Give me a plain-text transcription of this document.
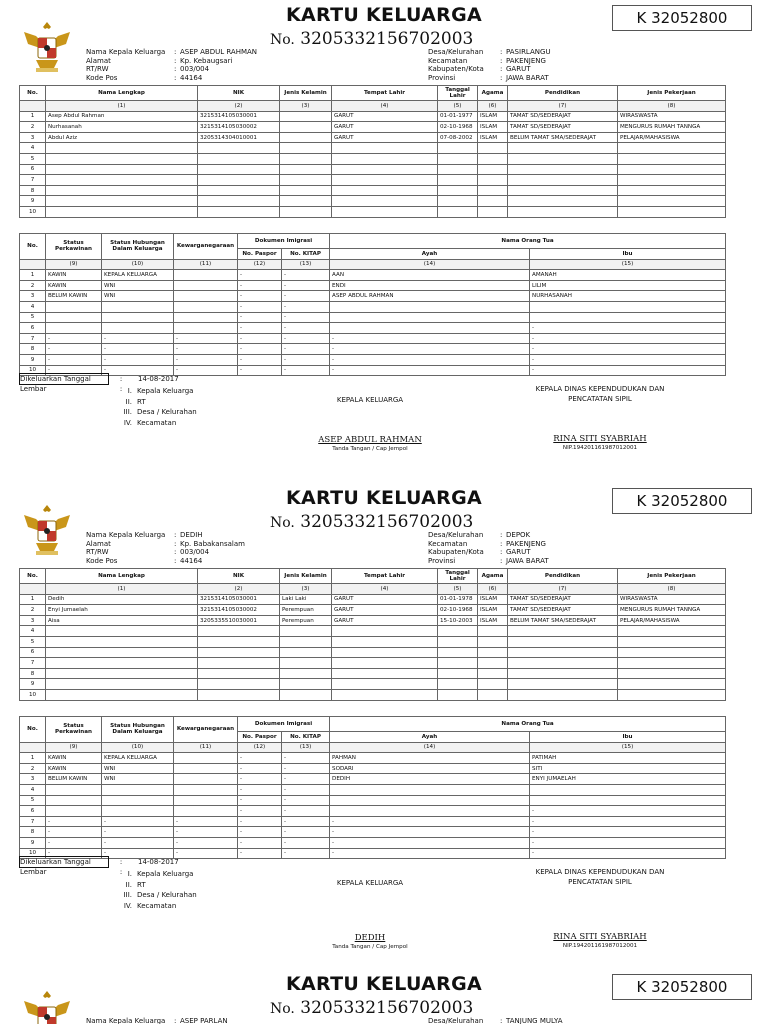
KARTU KELUARGA
No. 3205332156702003
K 32052800
Nama Kepala Keluarga	: ASEP ABDUL RAHMAN
Alamat	: Kp. Kebaugsari
RT/RW	: 003/004
Kode Pos	: 44164
Desa/Kelurahan	: PASIRLANGU
Kecamatan	: PAKENJENG
Kabupaten/Kota	: GARUT
Provinsi	: JAWA BARAT
No.	Nama Lengkap	NIK	Jenis Kelamin	Tempat Lahir	Tanggal Lahir	Agama	Pendidikan	Jenis Pekerjaan
	(1)	(2)	(3)	(4)	(5)	(6)	(7)	(8)
1	Asep Abdul Rahman	3215314105030001		GARUT	01-01-1977	ISLAM	TAMAT SD/SEDERAJAT	WIRASWASTA
2	Nurhasanah	3215314105030002		GARUT	02-10-1968	ISLAM	TAMAT SD/SEDERAJAT	MENGURUS RUMAH TANNGA
3	Abdul Aziz	3205314304010001		GARUT	07-08-2002	ISLAM	BELUM TAMAT SMA/SEDERAJAT	PELAJAR/MAHASISWA
4								
5								
6								
7								
8								
9								
10								
No.	Status Perkawinan	Status Hubungan Dalam Keluarga	Kewarganegaraan	Dokumen Imigrasi		Nama Orang Tua	
				No. Paspor	No. KITAP	Ayah	Ibu
	(9)	(10)	(11)	(12)	(13)	(14)	(15)
1	KAWIN	KEPALA KELUARGA		-	-	AAN	AMANAH
2	KAWIN	WNI		-	-	ENDI	LILIM
3	BELUM KAWIN	WNI		-	-	ASEP ABDUL RAHMAN	NURHASANAH
4				-	-		
5				-	-		
6				-	-		-
7	-	-	-	-	-	-	-
8	-	-	-	-	-	-	-
9	-	-	-	-	-	-	-
10	-	-	-	-	-	-	-
Dikeluarkan Tanggal	:	14-08-2017
Lembar	: I. Kepala Keluarga
II. RT
III. Desa / Kelurahan
IV. Kecamatan
KEPALA KELUARGA
ASEP ABDUL RAHMAN
Tanda Tangan / Cap Jempol
KEPALA DINAS KEPENDUDUKAN DAN
PENCATATAN SIPIL
RINA SITI SYABRIAH
NIP.194201161987012001
KARTU KELUARGA
No. 3205332156702003
K 32052800
Nama Kepala Keluarga	: DEDIH
Alamat	: Kp. Babakansalam
RT/RW	: 003/004
Kode Pos	: 44164
Desa/Kelurahan	: DEPOK
Kecamatan	: PAKENJENG
Kabupaten/Kota	: GARUT
Provinsi	: JAWA BARAT
No.	Nama Lengkap	NIK	Jenis Kelamin	Tempat Lahir	Tanggal Lahir	Agama	Pendidikan	Jenis Pekerjaan
	(1)	(2)	(3)	(4)	(5)	(6)	(7)	(8)
1	Dedih	3215314105030001	Laki Laki	GARUT	01-01-1978	ISLAM	TAMAT SD/SEDERAJAT	WIRASWASTA
2	Enyi Jumaelah	3215314105030002	Perempuan	GARUT	02-10-1968	ISLAM	TAMAT SD/SEDERAJAT	MENGURUS RUMAH TANNGA
3	Aisa	3205335510030001	Perempuan	GARUT	15-10-2003	ISLAM	BELUM TAMAT SMA/SEDERAJAT	PELAJAR/MAHASISWA
4								
5								
6								
7								
8								
9								
10								
No.	Status Perkawinan	Status Hubungan Dalam Keluarga	Kewarganegaraan	Dokumen Imigrasi		Nama Orang Tua	
				No. Paspor	No. KITAP	Ayah	Ibu
	(9)	(10)	(11)	(12)	(13)	(14)	(15)
1	KAWIN	KEPALA KELUARGA		-	-	PAHMAN	PATIMAH
2	KAWIN	WNI		-	-	SODARI	SITI
3	BELUM KAWIN	WNI		-	-	DEDIH	ENYI JUMAELAH
4				-	-		
5				-	-		
6				-	-		-
7	-	-	-	-	-	-	-
8	-	-	-	-	-	-	-
9	-	-	-	-	-	-	-
10	-	-	-	-	-	-	-
Dikeluarkan Tanggal	:	14-08-2017
Lembar	: I. Kepala Keluarga
II. RT
III. Desa / Kelurahan
IV. Kecamatan
KEPALA KELUARGA
DEDIH
Tanda Tangan / Cap Jempol
KEPALA DINAS KEPENDUDUKAN DAN
PENCATATAN SIPIL
RINA SITI SYABRIAH
NIP.194201161987012001
KARTU KELUARGA
No. 3205332156702003
K 32052800
Nama Kepala Keluarga	: ASEP PARLAN	Desa/Kelurahan	: TANJUNG MULYA
